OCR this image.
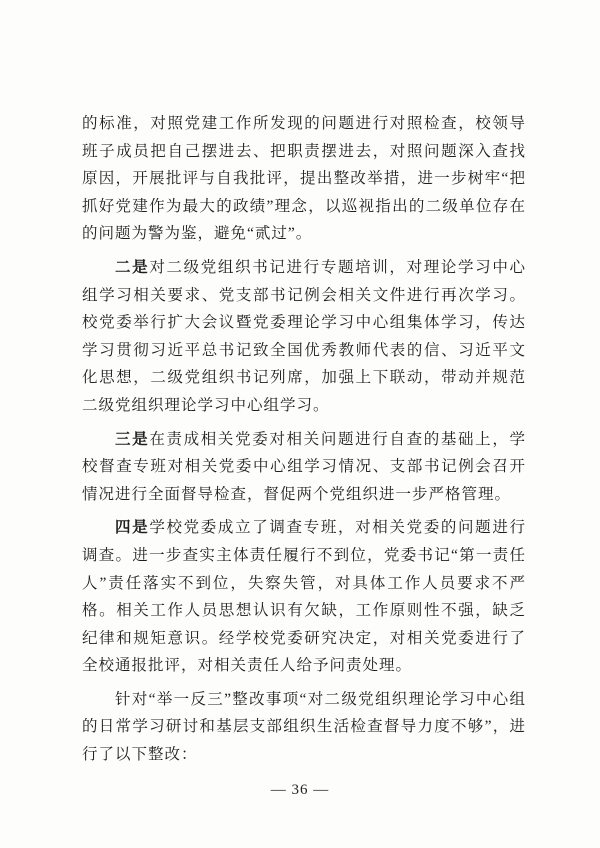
的标准，对照党建工作所发现的问题进行对照检查，校领导班子成员把自己摆进去、把职责摆进去，对照问题深入查找原因，开展批评与自我批评，提出整改举措，进一步树牢“把抓好党建作为最大的政绩”理念，以巡视指出的二级单位存在的问题为警为鉴，避免“贰过”。

二是对二级党组织书记进行专题培训，对理论学习中心组学习相关要求、党支部书记例会相关文件进行再次学习。校党委举行扩大会议暨党委理论学习中心组集体学习，传达学习贯彻习近平总书记致全国优秀教师代表的信、习近平文化思想，二级党组织书记列席，加强上下联动，带动并规范二级党组织理论学习中心组学习。

三是在责成相关党委对相关问题进行自查的基础上，学校督查专班对相关党委中心组学习情况、支部书记例会召开情况进行全面督导检查，督促两个党组织进一步严格管理。

四是学校党委成立了调查专班，对相关党委的问题进行调查。进一步查实主体责任履行不到位，党委书记“第一责任人”责任落实不到位，失察失管，对具体工作人员要求不严格。相关工作人员思想认识有欠缺，工作原则性不强，缺乏纪律和规矩意识。经学校党委研究决定，对相关党委进行了全校通报批评，对相关责任人给予问责处理。

针对“举一反三”整改事项“对二级党组织理论学习中心组的日常学习研讨和基层支部组织生活检查督导力度不够”，进行了以下整改：

— 36 —
